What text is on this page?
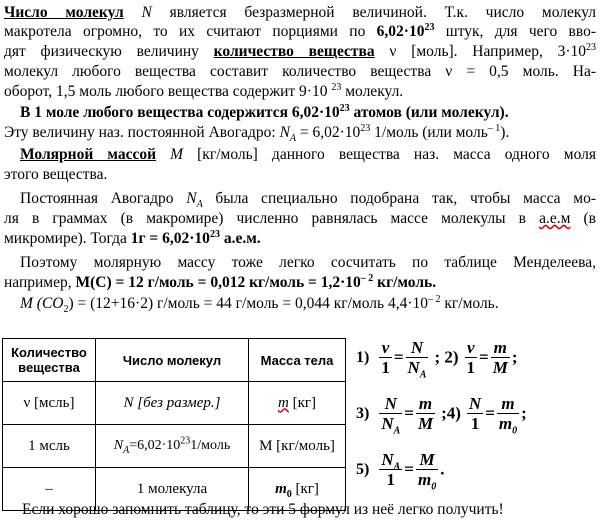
Число молекул N является безразмерной величиной. Т.к. число молекул
макротела огромно, то их считают порциями по $6,02\cdot 10^{23}$ штук, для чего вво-
дят физическую величину количество вещества ν [моль]. Например, $3\cdot 10^{23}$
молекул любого вещества составит количество вещества ν = 0,5 моль. На-
оборот, 1,5 моль любого вещества содержит 9·10 $^{23}$ молекул.
В 1 моле любого вещества содержится $6,02\cdot 10^{23}$ атомов (или молекул).
Эту величину наз. постоянной Авогадро: $N_A = 6,02\cdot 10^{23}$ 1/моль (или моль$^{- 1}$).
Молярной массой M [кг/моль] данного вещества наз. масса одного моля
этого вещества.
Постоянная Авогадро $N_A$ была специально подобрана так, чтобы масса мо-
ля в граммах (в макромире) численно равнялась массе молекулы в а.е.м (в
микромире). Тогда $1г = 6,02\cdot 10^{23}$ а.е.м.
Поэтому молярную массу тоже легко сосчитать по таблице Менделеева,
например, M(C) = 12 г/моль = 0,012 кг/моль = $1,2\cdot 10^{- 2}$ кг/моль.
M $(CO_2) = (12+16\cdot 2)$ г/моль = 44 г/моль = 0,044 кг/моль $4,4\cdot 10^{- 2}$ кг/моль.
Количество вещества	Число молекул	Масса тела
ν [мсль]	N [без размер.]	m [кг]
1 мсль	$N_A=6,02\cdot 10^{23}1$/моль	M [кг/моль]
–	1 молекула	$m_0$ [кг]
$1) \frac{\nu}{1} = \frac{N}{N_A}$ ; $2) \frac{\nu}{1} = \frac{m}{M}$ ;
$3) \frac{N}{N_A} = \frac{m}{M}$ ;4) $\frac{N}{1} = \frac{m}{m_0}$ ;
$5) \frac{N_A}{1} = \frac{M}{m_0}$ .
Если хорошо запомнить таблицу, то эти 5 формул из неё легко получить!
